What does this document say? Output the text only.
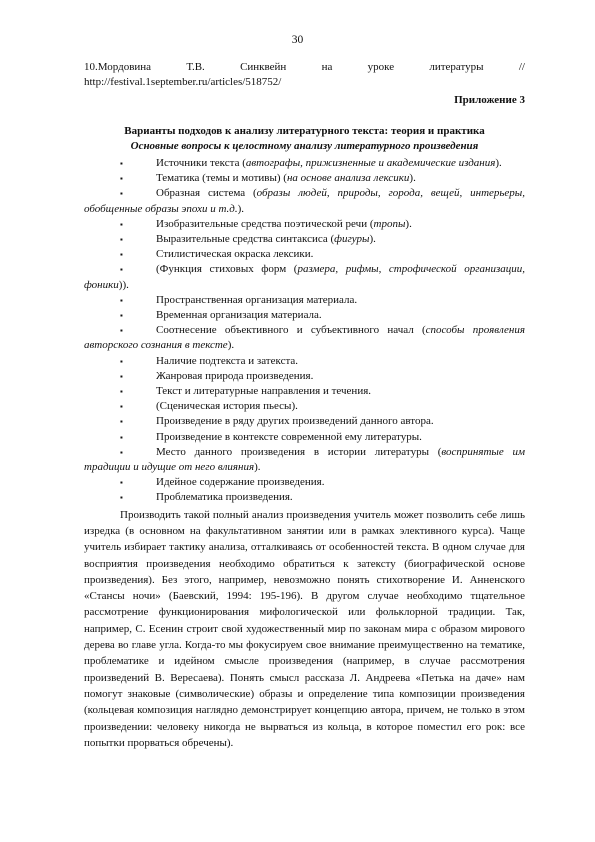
30
10.Мордовина	Т.В.	Синквейн	на	уроке	литературы	//
http://festival.1september.ru/articles/518752/
Приложение 3
Варианты подходов к анализу литературного текста: теория и практика
Основные вопросы к целостному анализу литературного произведения
▪	Источники текста (автографы, прижизненные и академические издания).
▪	Тематика (темы и мотивы) (на основе анализа лексики).
▪	Образная система (образы людей, природы, города, вещей, интерьеры, обобщенные образы эпохи и т.д.).
▪	Изобразительные средства поэтической речи (тропы).
▪	Выразительные средства синтаксиса (фигуры).
▪	Стилистическая окраска лексики.
▪	(Функция стиховых форм (размера, рифмы, строфической организации, фоники)).
▪	Пространственная организация материала.
▪	Временная организация материала.
▪	Соотнесение объективного и субъективного начал (способы проявления авторского сознания в тексте).
▪	Наличие подтекста и затекста.
▪	Жанровая природа произведения.
▪	Текст и литературные направления и течения.
▪	(Сценическая история пьесы).
▪	Произведение в ряду других произведений данного автора.
▪	Произведение в контексте современной ему литературы.
▪	Место данного произведения в истории литературы (воспринятые им традиции и идущие от него влияния).
▪	Идейное содержание произведения.
▪	Проблематика произведения.
Производить такой полный анализ произведения учитель может позволить себе лишь изредка (в основном на факультативном занятии или в рамках элективного курса). Чаще учитель избирает тактику анализа, отталкиваясь от особенностей текста. В одном случае для восприятия произведения необходимо обратиться к затексту (биографической основе произведения). Без этого, например, невозможно понять стихотворение И. Анненского «Стансы ночи» (Баевский, 1994: 195-196). В другом случае необходимо тщательное рассмотрение функционирования мифологической или фольклорной традиции. Так, например, С. Есенин строит свой художественный мир по законам мира с образом мирового дерева во главе угла. Когда-то мы фокусируем свое внимание преимущественно на тематике, проблематике и идейном смысле произведения (например, в случае рассмотрения произведений В. Вересаева). Понять смысл рассказа Л. Андреева «Петька на даче» нам помогут знаковые (символические) образы и определение типа композиции произведения (кольцевая композиция наглядно демонстрирует концепцию автора, причем, не только в этом произведении: человеку никогда не вырваться из кольца, в которое поместил его рок: все попытки прорваться обречены).
